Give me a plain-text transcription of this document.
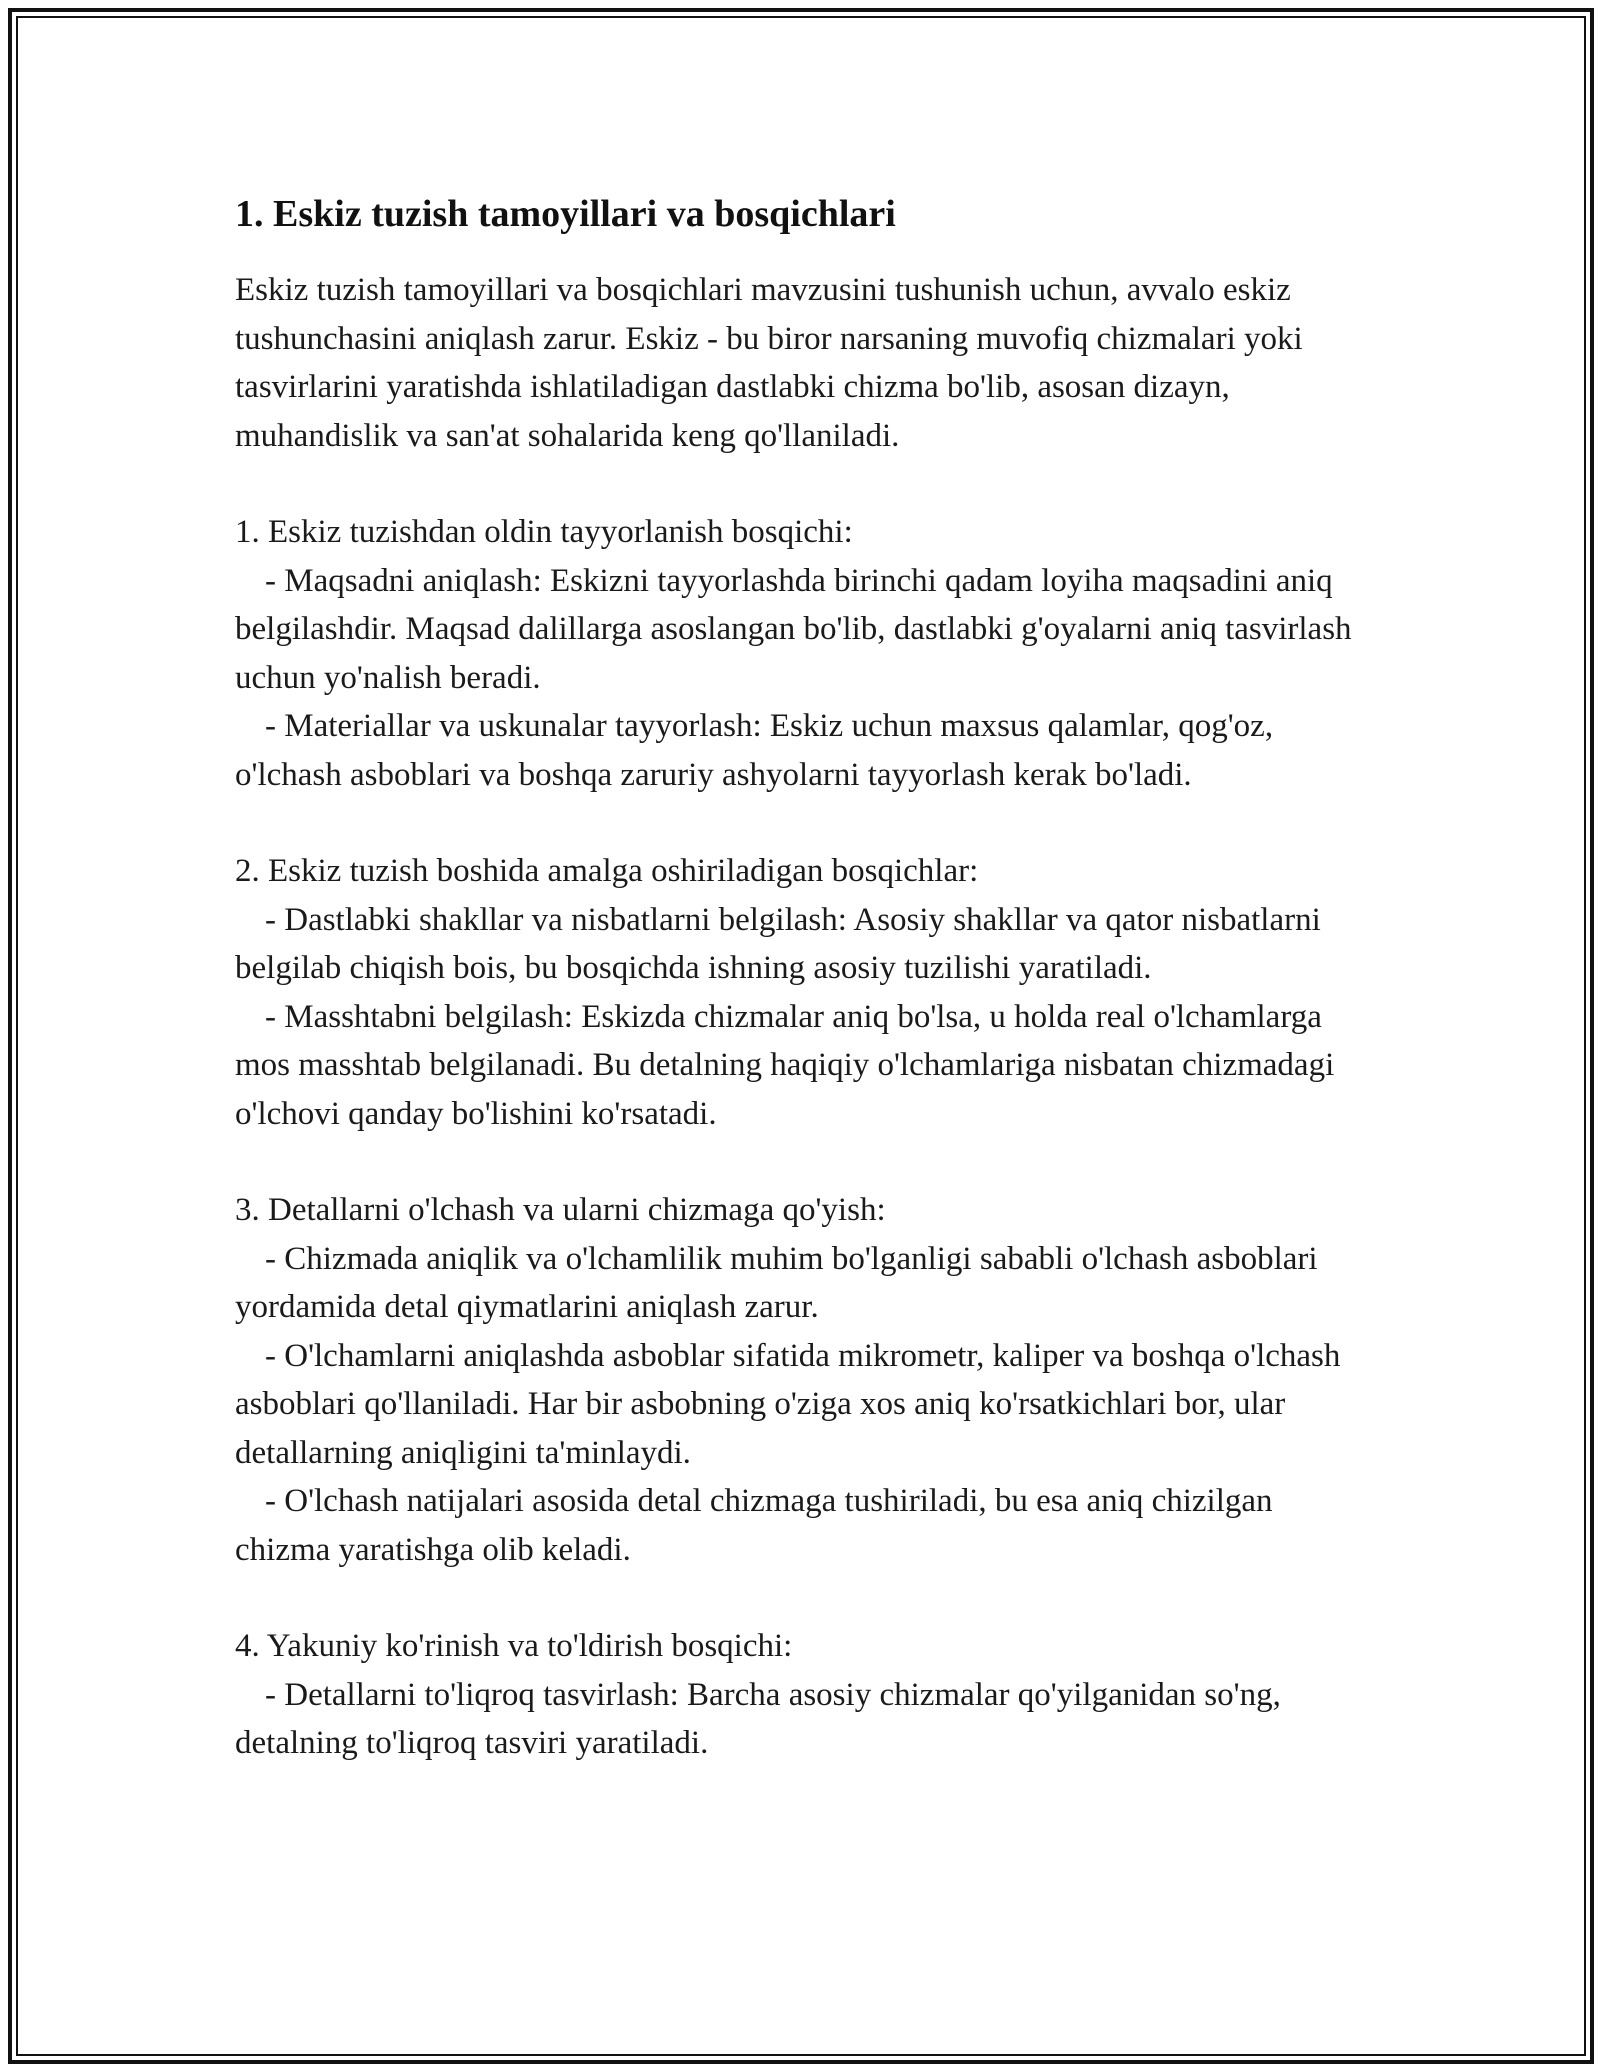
1. Eskiz tuzish tamoyillari va bosqichlari

Eskiz tuzish tamoyillari va bosqichlari mavzusini tushunish uchun, avvalo eskiz tushunchasini aniqlash zarur. Eskiz - bu biror narsaning muvofiq chizmalari yoki tasvirlarini yaratishda ishlatiladigan dastlabki chizma bo'lib, asosan dizayn, muhandislik va san'at sohalarida keng qo'llaniladi.

1. Eskiz tuzishdan oldin tayyorlanish bosqichi:
- Maqsadni aniqlash: Eskizni tayyorlashda birinchi qadam loyiha maqsadini aniq belgilashdir. Maqsad dalillarga asoslangan bo'lib, dastlabki g'oyalarni aniq tasvirlash uchun yo'nalish beradi.
- Materiallar va uskunalar tayyorlash: Eskiz uchun maxsus qalamlar, qog'oz, o'lchash asboblari va boshqa zaruriy ashyolarni tayyorlash kerak bo'ladi.
2. Eskiz tuzish boshida amalga oshiriladigan bosqichlar:
- Dastlabki shakllar va nisbatlarni belgilash: Asosiy shakllar va qator nisbatlarni belgilab chiqish bois, bu bosqichda ishning asosiy tuzilishi yaratiladi.
- Masshtabni belgilash: Eskizda chizmalar aniq bo'lsa, u holda real o'lchamlarga mos masshtab belgilanadi. Bu detalning haqiqiy o'lchamlariga nisbatan chizmadagi o'lchovi qanday bo'lishini ko'rsatadi.
3. Detallarni o'lchash va ularni chizmaga qo'yish:
- Chizmada aniqlik va o'lchamlilik muhim bo'lganligi sababli o'lchash asboblari yordamida detal qiymatlarini aniqlash zarur.
- O'lchamlarni aniqlashda asboblar sifatida mikrometr, kaliper va boshqa o'lchash asboblari qo'llaniladi. Har bir asbobning o'ziga xos aniq ko'rsatkichlari bor, ular detallarning aniqligini ta'minlaydi.
- O'lchash natijalari asosida detal chizmaga tushiriladi, bu esa aniq chizilgan chizma yaratishga olib keladi.
4. Yakuniy ko'rinish va to'ldirish bosqichi:
- Detallarni to'liqroq tasvirlash: Barcha asosiy chizmalar qo'yilganidan so'ng, detalning to'liqroq tasviri yaratiladi.
